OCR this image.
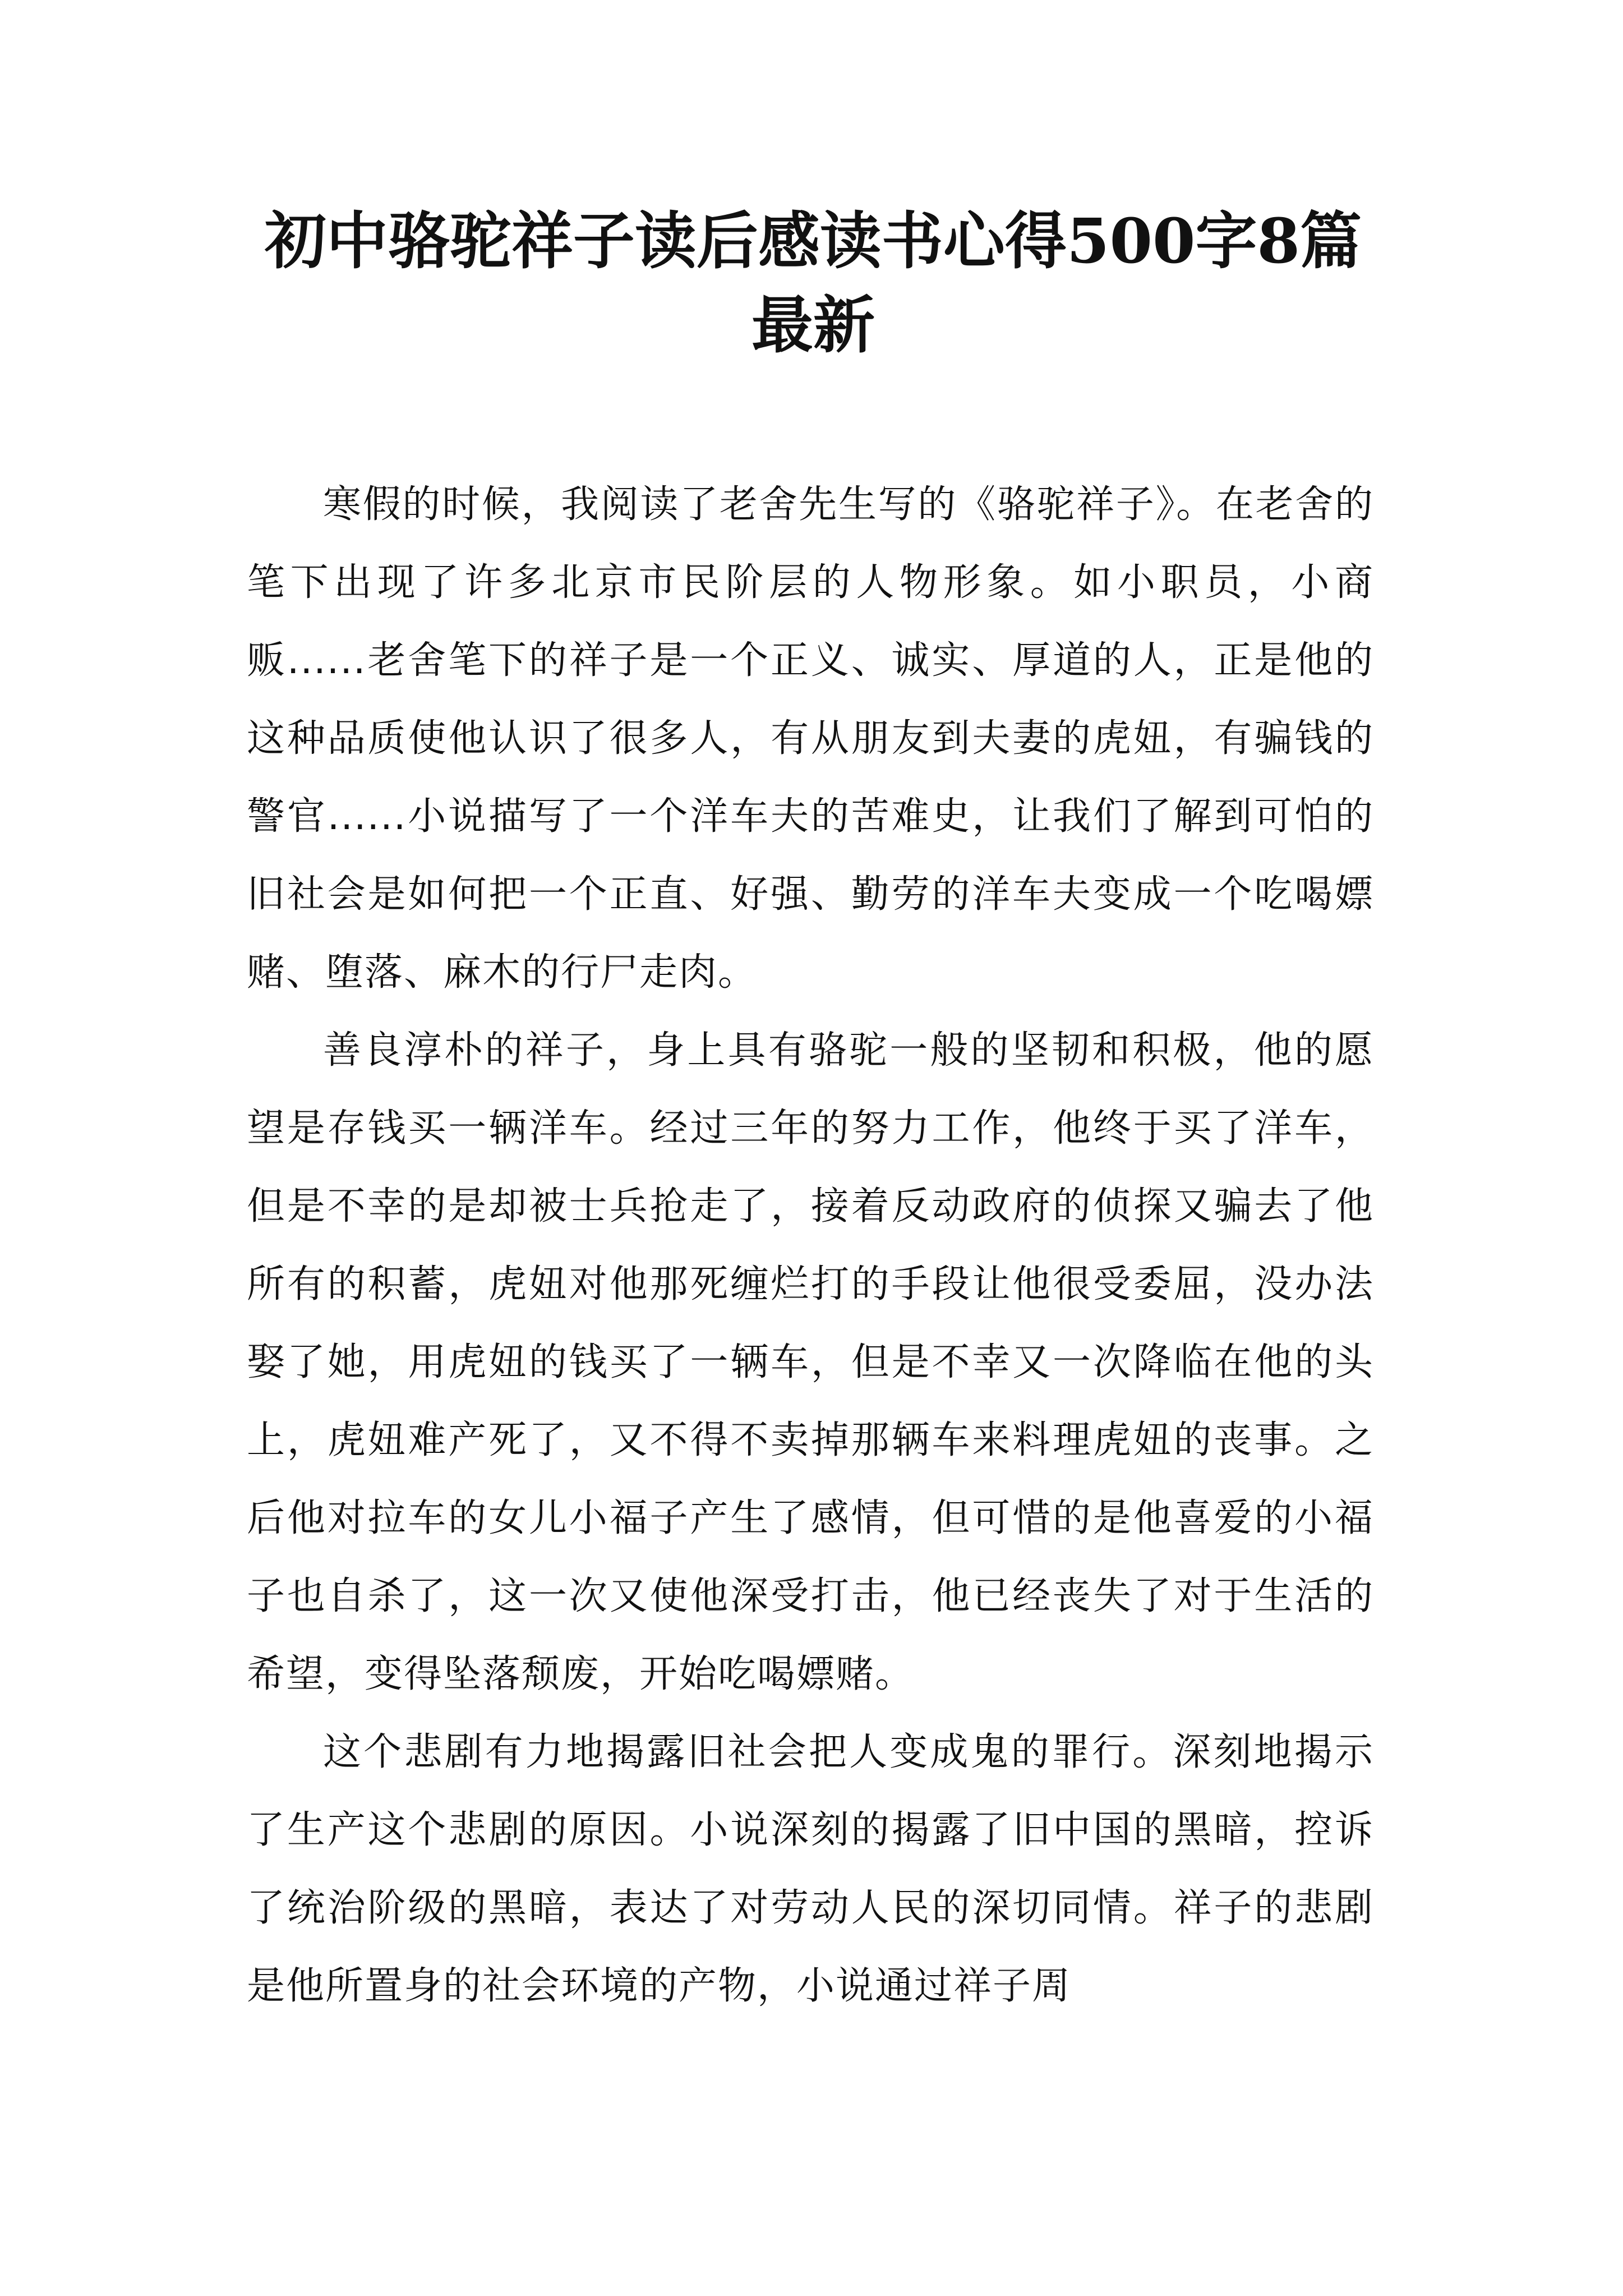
初中骆驼祥子读后感读书心得500字8篇最新

寒假的时候，我阅读了老舍先生写的《骆驼祥子》。在老舍的笔下出现了许多北京市民阶层的人物形象。如小职员，小商贩......老舍笔下的祥子是一个正义、诚实、厚道的人，正是他的这种品质使他认识了很多人，有从朋友到夫妻的虎妞，有骗钱的警官......小说描写了一个洋车夫的苦难史，让我们了解到可怕的旧社会是如何把一个正直、好强、勤劳的洋车夫变成一个吃喝嫖赌、堕落、麻木的行尸走肉。

善良淳朴的祥子，身上具有骆驼一般的坚韧和积极，他的愿望是存钱买一辆洋车。经过三年的努力工作，他终于买了洋车，但是不幸的是却被士兵抢走了，接着反动政府的侦探又骗去了他所有的积蓄，虎妞对他那死缠烂打的手段让他很受委屈，没办法娶了她，用虎妞的钱买了一辆车，但是不幸又一次降临在他的头上，虎妞难产死了，又不得不卖掉那辆车来料理虎妞的丧事。之后他对拉车的女儿小福子产生了感情，但可惜的是他喜爱的小福子也自杀了，这一次又使他深受打击，他已经丧失了对于生活的希望，变得坠落颓废，开始吃喝嫖赌。

这个悲剧有力地揭露旧社会把人变成鬼的罪行。深刻地揭示了生产这个悲剧的原因。小说深刻的揭露了旧中国的黑暗，控诉了统治阶级的黑暗，表达了对劳动人民的深切同情。祥子的悲剧是他所置身的社会环境的产物，小说通过祥子周
